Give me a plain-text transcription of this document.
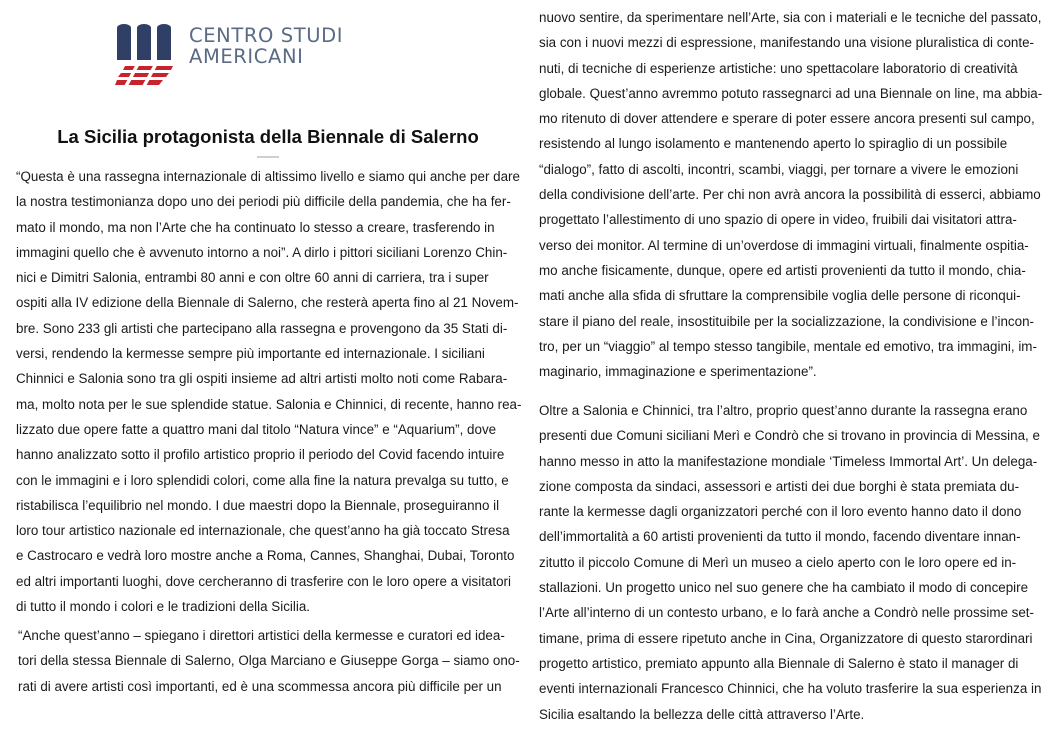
CENTRO STUDI
AMERICANI
La Sicilia protagonista della Biennale di Salerno
“Questa è una rassegna internazionale di altissimo livello e siamo qui anche per dare
la nostra testimonianza dopo uno dei periodi più difficile della pandemia, che ha fer-
mato il mondo, ma non l’Arte che ha continuato lo stesso a creare, trasferendo in
immagini quello che è avvenuto intorno a noi”. A dirlo i pittori siciliani Lorenzo Chin-
nici e Dimitri Salonia, entrambi 80 anni e con oltre 60 anni di carriera, tra i super
ospiti alla IV edizione della Biennale di Salerno, che resterà aperta fino al 21 Novem-
bre. Sono 233 gli artisti che partecipano alla rassegna e provengono da 35 Stati di-
versi, rendendo la kermesse sempre più importante ed internazionale. I siciliani
Chinnici e Salonia sono tra gli ospiti insieme ad altri artisti molto noti come Rabara-
ma, molto nota per le sue splendide statue. Salonia e Chinnici, di recente, hanno rea-
lizzato due opere fatte a quattro mani dal titolo “Natura vince” e “Aquarium”, dove
hanno analizzato sotto il profilo artistico proprio il periodo del Covid facendo intuire
con le immagini e i loro splendidi colori, come alla fine la natura prevalga su tutto, e
ristabilisca l’equilibrio nel mondo. I due maestri dopo la Biennale, proseguiranno il
loro tour artistico nazionale ed internazionale, che quest’anno ha già toccato Stresa
e Castrocaro e vedrà loro mostre anche a Roma, Cannes, Shanghai, Dubai, Toronto
ed altri importanti luoghi, dove cercheranno di trasferire con le loro opere a visitatori
di tutto il mondo i colori e le tradizioni della Sicilia.
“Anche quest’anno – spiegano i direttori artistici della kermesse e curatori ed idea-
tori della stessa Biennale di Salerno, Olga Marciano e Giuseppe Gorga – siamo ono-
rati di avere artisti così importanti, ed è una scommessa ancora più difficile per un
nuovo sentire, da sperimentare nell’Arte, sia con i materiali e le tecniche del passato,
sia con i nuovi mezzi di espressione, manifestando una visione pluralistica di conte-
nuti, di tecniche di esperienze artistiche: uno spettacolare laboratorio di creatività
globale. Quest’anno avremmo potuto rassegnarci ad una Biennale on line, ma abbia-
mo ritenuto di dover attendere e sperare di poter essere ancora presenti sul campo,
resistendo al lungo isolamento e mantenendo aperto lo spiraglio di un possibile
“dialogo”, fatto di ascolti, incontri, scambi, viaggi, per tornare a vivere le emozioni
della condivisione dell’arte. Per chi non avrà ancora la possibilità di esserci, abbiamo
progettato l’allestimento di uno spazio di opere in video, fruibili dai visitatori attra-
verso dei monitor. Al termine di un’overdose di immagini virtuali, finalmente ospitia-
mo anche fisicamente, dunque, opere ed artisti provenienti da tutto il mondo, chia-
mati anche alla sfida di sfruttare la comprensibile voglia delle persone di riconqui-
stare il piano del reale, insostituibile per la socializzazione, la condivisione e l’incon-
tro, per un “viaggio” al tempo stesso tangibile, mentale ed emotivo, tra immagini, im-
maginario, immaginazione e sperimentazione”.
Oltre a Salonia e Chinnici, tra l’altro, proprio quest’anno durante la rassegna erano
presenti due Comuni siciliani Merì e Condrò che si trovano in provincia di Messina, e
hanno messo in atto la manifestazione mondiale ‘Timeless Immortal Art’. Un delega-
zione composta da sindaci, assessori e artisti dei due borghi è stata premiata du-
rante la kermesse dagli organizzatori perché con il loro evento hanno dato il dono
dell’immortalità a 60 artisti provenienti da tutto il mondo, facendo diventare innan-
zitutto il piccolo Comune di Merì un museo a cielo aperto con le loro opere ed in-
stallazioni. Un progetto unico nel suo genere che ha cambiato il modo di concepire
l’Arte all’interno di un contesto urbano, e lo farà anche a Condrò nelle prossime set-
timane, prima di essere ripetuto anche in Cina, Organizzatore di questo starordinari
progetto artistico, premiato appunto alla Biennale di Salerno è stato il manager di
eventi internazionali Francesco Chinnici, che ha voluto trasferire la sua esperienza in
Sicilia esaltando la bellezza delle città attraverso l’Arte.
